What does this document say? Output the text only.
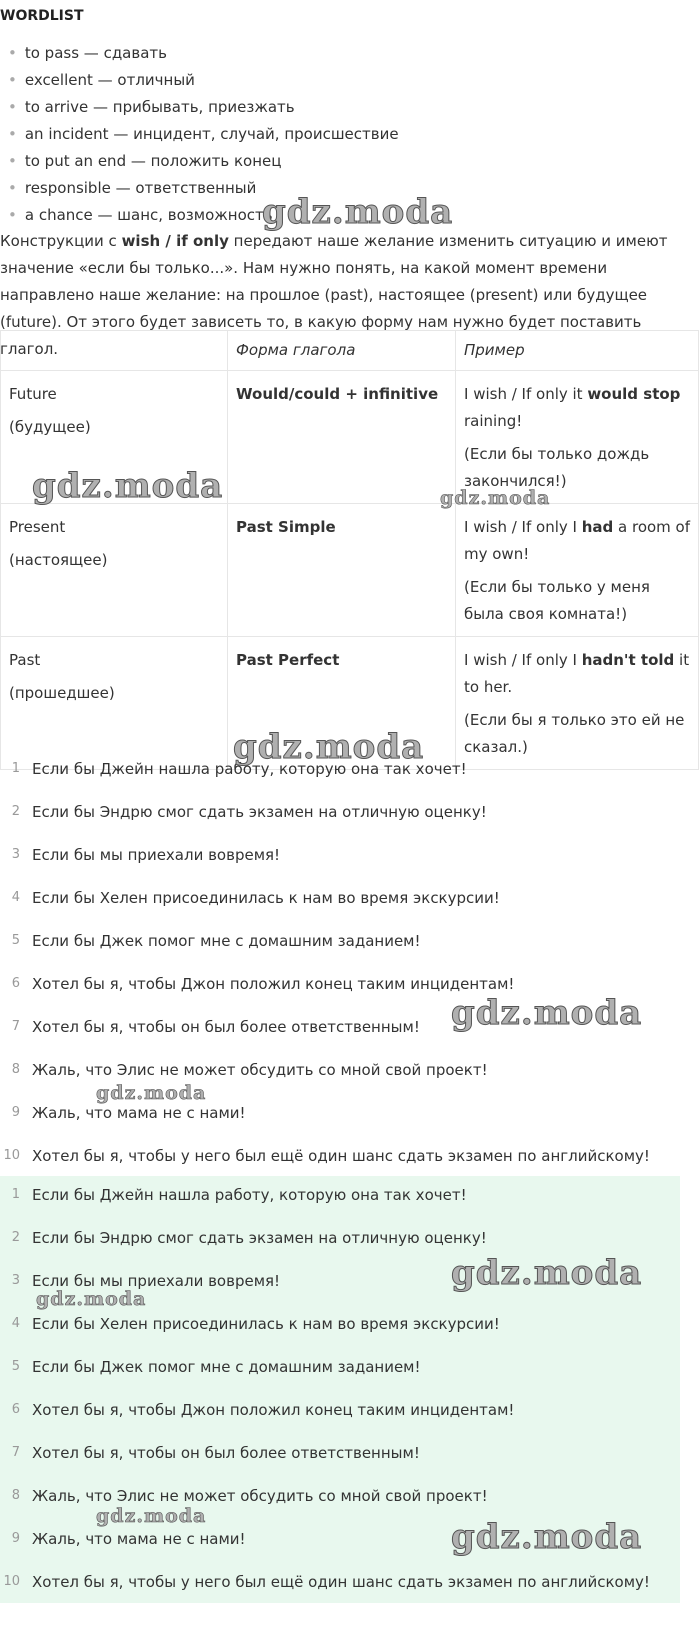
WORDLIST
• to pass — сдавать
• excellent — отличный
• to arrive — прибывать, приезжать
• an incident — инцидент, случай, происшествие
• to put an end — положить конец
• responsible — ответственный
• a chance — шанс, возможность

Конструкции с wish / if only передают наше желание изменить ситуацию и имеют значение «если бы только...». Нам нужно понять, на какой момент времени направлено наше желание: на прошлое (past), настоящее (present) или будущее (future). От этого будет зависеть то, в какую форму нам нужно будет поставить глагол.

		Форма глагола	Пример

Future
(будущее)	Would/could + infinitive	I wish / If only it would stop raining!
(Если бы только дождь закончился!)

Present
(настоящее)	Past Simple	I wish / If only I had a room of my own!
(Если бы только у меня была своя комната!)

Past
(прошедшее)	Past Perfect	I wish / If only I hadn't told it to her.
(Если бы я только это ей не сказал.)
1 Если бы Джейн нашла работу, которую она так хочет!
2 Если бы Эндрю смог сдать экзамен на отличную оценку!
3 Если бы мы приехали вовремя!
4 Если бы Хелен присоединилась к нам во время экскурсии!
5 Если бы Джек помог мне с домашним заданием!
6 Хотел бы я, чтобы Джон положил конец таким инцидентам!
7 Хотел бы я, чтобы он был более ответственным!
8 Жаль, что Элис не может обсудить со мной свой проект!
9 Жаль, что мама не с нами!
10 Хотел бы я, чтобы у него был ещё один шанс сдать экзамен по английскому!
1 Если бы Джейн нашла работу, которую она так хочет!
2 Если бы Эндрю смог сдать экзамен на отличную оценку!
3 Если бы мы приехали вовремя!
4 Если бы Хелен присоединилась к нам во время экскурсии!
5 Если бы Джек помог мне с домашним заданием!
6 Хотел бы я, чтобы Джон положил конец таким инцидентам!
7 Хотел бы я, чтобы он был более ответственным!
8 Жаль, что Элис не может обсудить со мной свой проект!
9 Жаль, что мама не с нами!
10 Хотел бы я, чтобы у него был ещё один шанс сдать экзамен по английскому!
gdz.moda
gdz.moda	gdz.moda
gdz.moda
gdz.moda
gdz.moda
gdz.moda
gdz.moda
gdz.moda
gdz.moda
